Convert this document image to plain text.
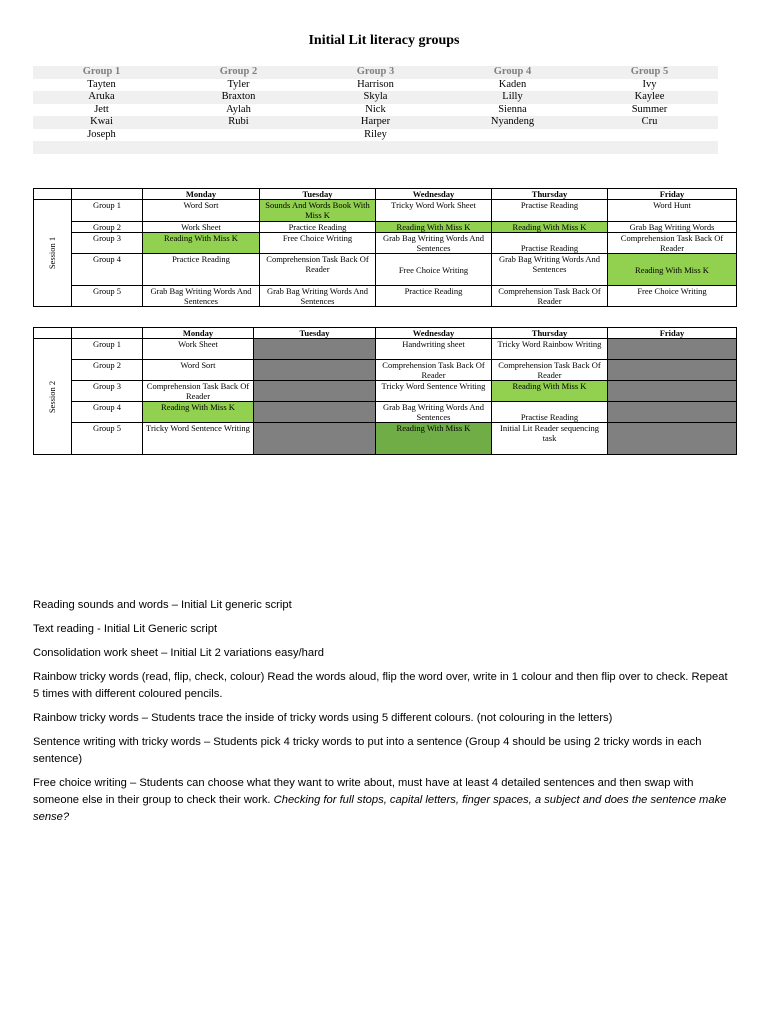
Initial Lit literacy groups
Group 1	Group 2	Group 3	Group 4	Group 5
Tayten	Tyler	Harrison	Kaden	Ivy
Aruka	Braxton	Skyla	Lilly	Kaylee
Jett	Aylah	Nick	Sienna	Summer
Kwai	Rubi	Harper	Nyandeng	Cru
Joseph		Riley		

		Monday	Tuesday	Wednesday	Thursday	Friday
Session 1	Group 1	Word Sort	Sounds And Words Book With Miss K	Tricky Word Work Sheet	Practise Reading	Word Hunt
	Group 2	Work Sheet	Practice Reading	Reading With Miss K	Reading With Miss K	Grab Bag Writing Words
	Group 3	Reading With Miss K	Free Choice Writing	Grab Bag Writing Words And Sentences	Practise Reading	Comprehension Task Back Of Reader
	Group 4	Practice Reading	Comprehension Task Back Of Reader	Free Choice Writing	Grab Bag Writing Words And Sentences	Reading With Miss K
	Group 5	Grab Bag Writing Words And Sentences	Grab Bag Writing Words And Sentences	Practice Reading	Comprehension Task Back Of Reader	Free Choice Writing
		Monday	Tuesday	Wednesday	Thursday	Friday
Session 2	Group 1	Work Sheet		Handwriting sheet	Tricky Word Rainbow Writing	
	Group 2	Word Sort		Comprehension Task Back Of Reader	Comprehension Task Back Of Reader	
	Group 3	Comprehension Task Back Of Reader		Tricky Word Sentence Writing	Reading With Miss K	
	Group 4	Reading With Miss K		Grab Bag Writing Words And Sentences	Practise Reading	
	Group 5	Tricky Word Sentence Writing		Reading With Miss K	Initial Lit Reader sequencing task	

Reading sounds and words – Initial Lit generic script

Text reading - Initial Lit Generic script

Consolidation work sheet – Initial Lit 2 variations easy/hard

Rainbow tricky words (read, flip, check, colour) Read the words aloud, flip the word over, write in 1 colour and then flip over to check. Repeat 5 times with different coloured pencils.

Rainbow tricky words – Students trace the inside of tricky words using 5 different colours. (not colouring in the letters)

Sentence writing with tricky words – Students pick 4 tricky words to put into a sentence (Group 4 should be using 2 tricky words in each sentence)

Free choice writing – Students can choose what they want to write about, must have at least 4 detailed sentences and then swap with someone else in their group to check their work. Checking for full stops, capital letters, finger spaces, a subject and does the sentence make sense?
